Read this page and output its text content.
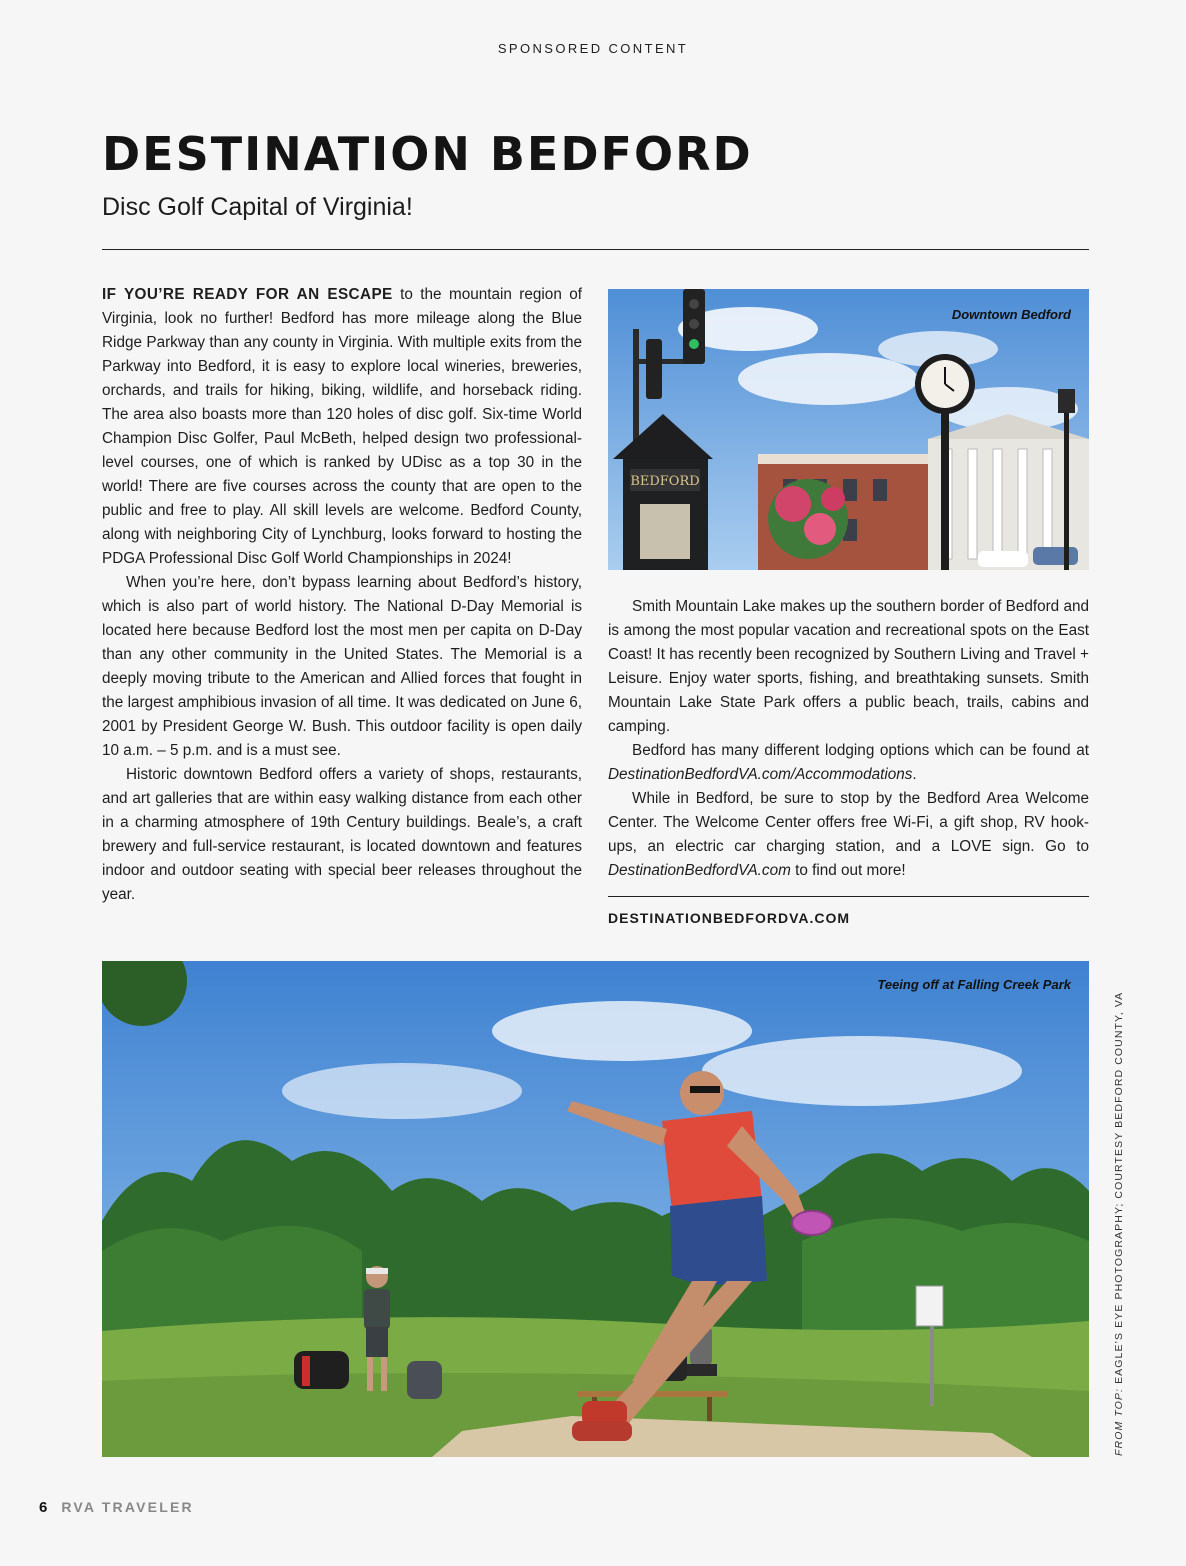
SPONSORED CONTENT
DESTINATION BEDFORD
Disc Golf Capital of Virginia!

IF YOU’RE READY FOR AN ESCAPE to the mountain region of Virginia, look no further! Bedford has more mileage along the Blue Ridge Parkway than any county in Virginia. With multiple exits from the Parkway into Bedford, it is easy to explore local wineries, breweries, orchards, and trails for hiking, biking, wildlife, and horseback riding. The area also boasts more than 120 holes of disc golf. Six-time World Champion Disc Golfer, Paul McBeth, helped design two professional-level courses, one of which is ranked by UDisc as a top 30 in the world! There are five courses across the county that are open to the public and free to play. All skill levels are welcome. Bedford County, along with neighboring City of Lynchburg, looks forward to hosting the PDGA Professional Disc Golf World Championships in 2024!

When you’re here, don’t bypass learning about Bedford’s history, which is also part of world history. The National D-Day Memorial is located here because Bedford lost the most men per capita on D-Day than any other community in the United States. The Memorial is a deeply moving tribute to the American and Allied forces that fought in the largest amphibious invasion of all time. It was dedicated on June 6, 2001 by President George W. Bush. This outdoor facility is open daily 10 a.m. – 5 p.m. and is a must see.

Historic downtown Bedford offers a variety of shops, restaurants, and art galleries that are within easy walking distance from each other in a charming atmosphere of 19th Century buildings. Beale’s, a craft brewery and full-service restaurant, is located downtown and features indoor and outdoor seating with special beer releases throughout the year.

BEDFORD
Downtown Bedford

Smith Mountain Lake makes up the southern border of Bedford and is among the most popular vacation and recreational spots on the East Coast! It has recently been recognized by Southern Living and Travel + Leisure. Enjoy water sports, fishing, and breathtaking sunsets. Smith Mountain Lake State Park offers a public beach, trails, cabins and camping.

Bedford has many different lodging options which can be found at DestinationBedfordVA.com/Accommodations.

While in Bedford, be sure to stop by the Bedford Area Welcome Center. The Welcome Center offers free Wi-Fi, a gift shop, RV hook-ups, an electric car charging station, and a LOVE sign. Go to DestinationBedfordVA.com to find out more!

DESTINATIONBEDFORDVA.COM
Teeing off at Falling Creek Park
FROM TOP: EAGLE’S EYE PHOTOGRAPHY; COURTESY BEDFORD COUNTY, VA
6 RVA TRAVELER
